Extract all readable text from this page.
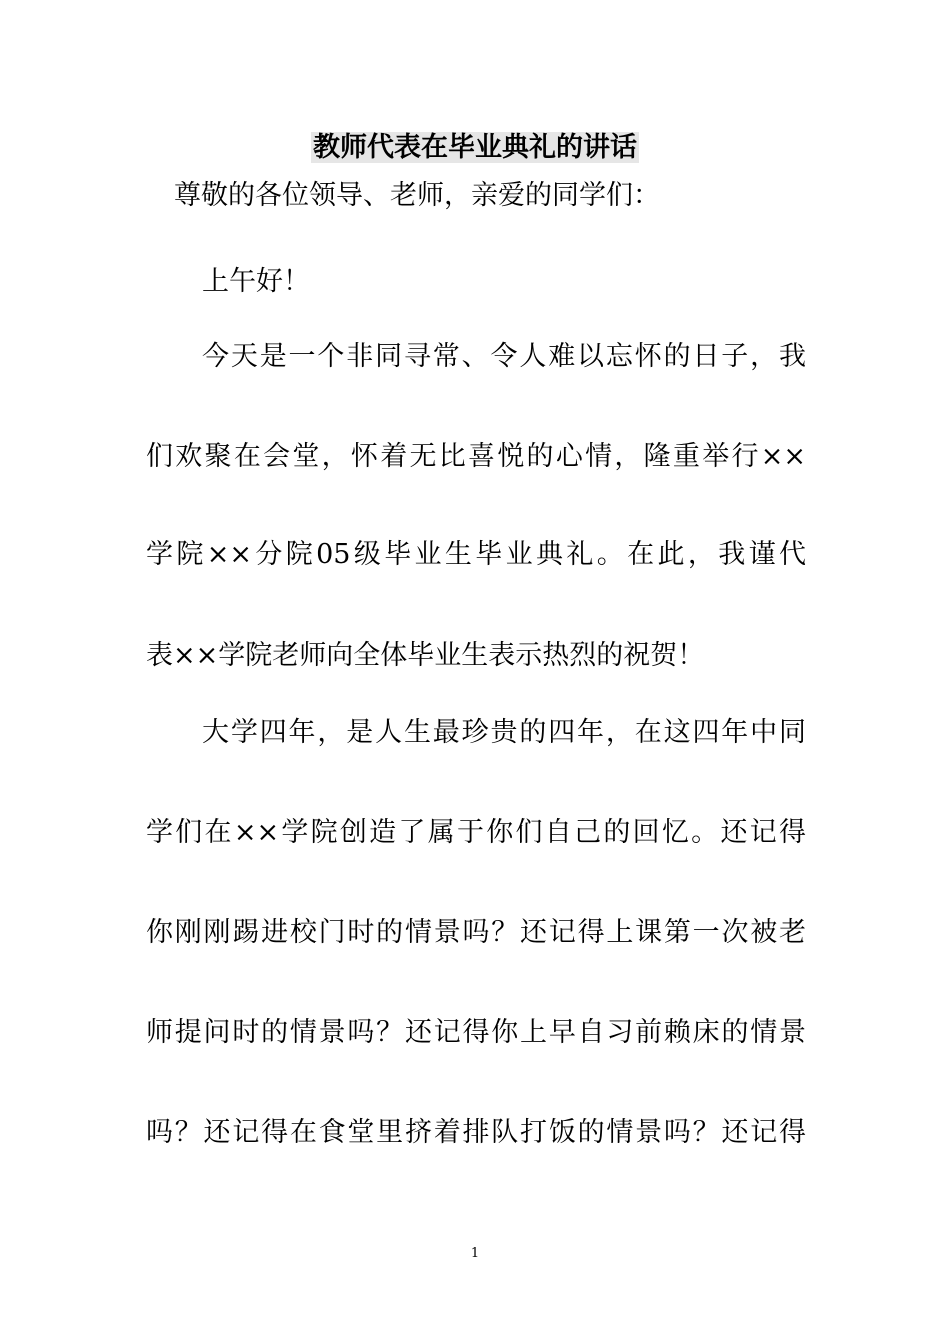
教师代表在毕业典礼的讲话
尊敬的各位领导、老师，亲爱的同学们：
上午好！
今天是一个非同寻常、令人难以忘怀的日子，我
们欢聚在会堂，怀着无比喜悦的心情，隆重举行××
学院××分院05级毕业生毕业典礼。在此，我谨代
表××学院老师向全体毕业生表示热烈的祝贺！
大学四年，是人生最珍贵的四年，在这四年中同
学们在××学院创造了属于你们自己的回忆。还记得
你刚刚踢进校门时的情景吗？还记得上课第一次被老
师提问时的情景吗？还记得你上早自习前赖床的情景
吗？还记得在食堂里挤着排队打饭的情景吗？还记得
1
